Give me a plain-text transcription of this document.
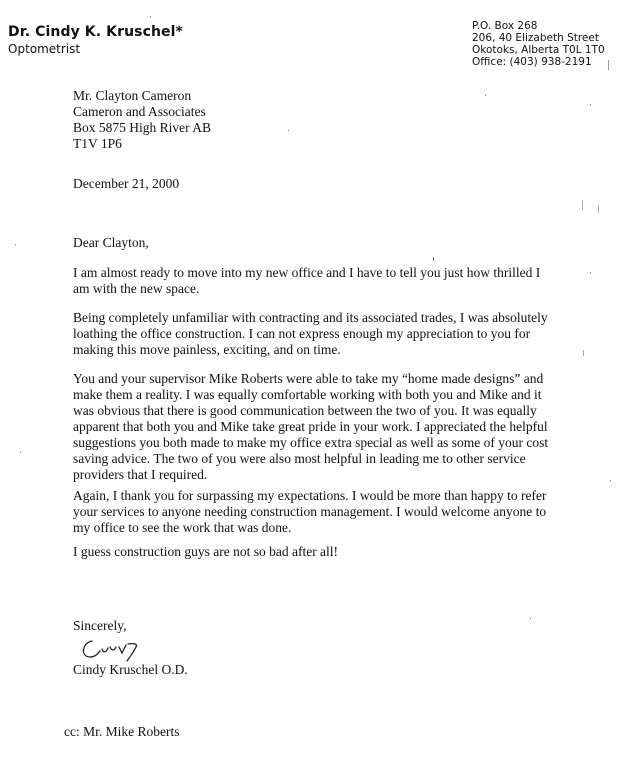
Dr. Cindy K. Kruschel*
Optometrist
P.O. Box 268
206, 40 Elizabeth Street
Okotoks, Alberta T0L 1T0
Office: (403) 938-2191
Mr. Clayton Cameron
Cameron and Associates
Box 5875 High River AB
T1V 1P6
December 21, 2000
Dear Clayton,

I am almost ready to move into my new office and I have to tell you just how thrilled I am with the new space.

Being completely unfamiliar with contracting and its associated trades, I was absolutely loathing the office construction. I can not express enough my appreciation to you for making this move painless, exciting, and on time.

You and your supervisor Mike Roberts were able to take my “home made designs” and make them a reality. I was equally comfortable working with both you and Mike and it was obvious that there is good communication between the two of you. It was equally apparent that both you and Mike take great pride in your work. I appreciated the helpful suggestions you both made to make my office extra special as well as some of your cost saving advice. The two of you were also most helpful in leading me to other service providers that I required.

Again, I thank you for surpassing my expectations. I would be more than happy to refer your services to anyone needing construction management. I would welcome anyone to my office to see the work that was done.

I guess construction guys are not so bad after all!

Sincerely,
Cindy Kruschel O.D.
cc: Mr. Mike Roberts
